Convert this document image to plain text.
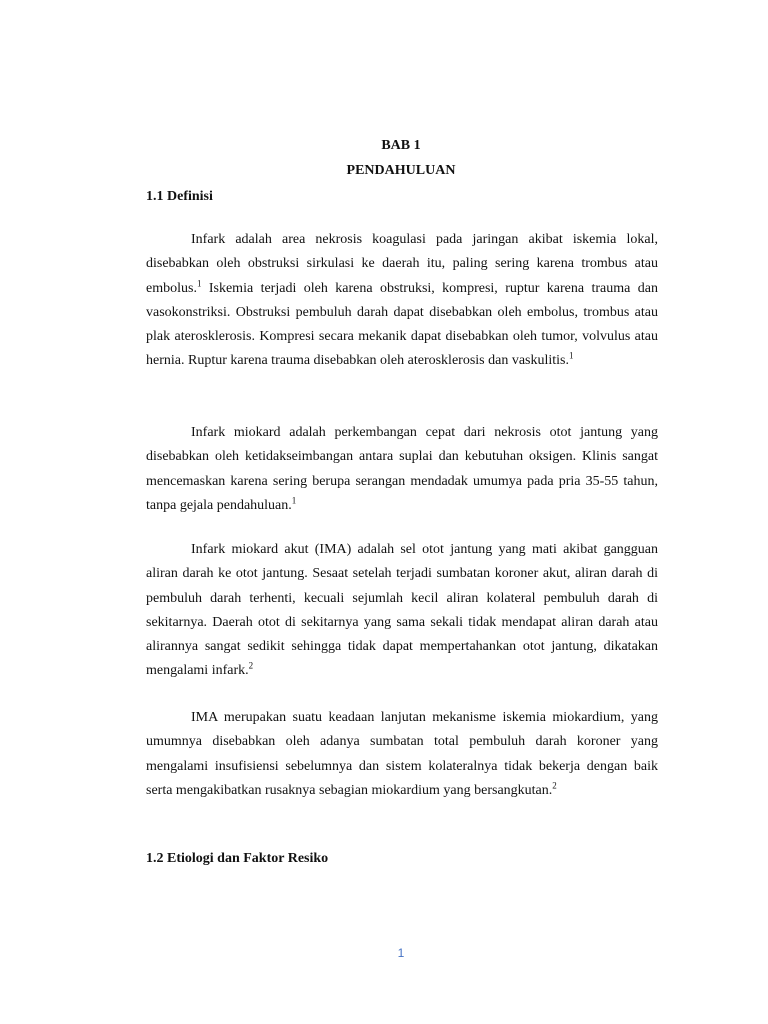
BAB 1
PENDAHULUAN
1.1 Definisi

Infark adalah area nekrosis koagulasi pada jaringan akibat iskemia lokal, disebabkan oleh obstruksi sirkulasi ke daerah itu, paling sering karena trombus atau embolus.$^1$ Iskemia terjadi oleh karena obstruksi, kompresi, ruptur karena trauma dan vasokonstriksi. Obstruksi pembuluh darah dapat disebabkan oleh embolus, trombus atau plak aterosklerosis. Kompresi secara mekanik dapat disebabkan oleh tumor, volvulus atau hernia. Ruptur karena trauma disebabkan oleh aterosklerosis dan vaskulitis.$^1$

Infark miokard adalah perkembangan cepat dari nekrosis otot jantung yang disebabkan oleh ketidakseimbangan antara suplai dan kebutuhan oksigen. Klinis sangat mencemaskan karena sering berupa serangan mendadak umumya pada pria 35-55 tahun, tanpa gejala pendahuluan.$^1$

Infark miokard akut (IMA) adalah sel otot jantung yang mati akibat gangguan aliran darah ke otot jantung. Sesaat setelah terjadi sumbatan koroner akut, aliran darah di pembuluh darah terhenti, kecuali sejumlah kecil aliran kolateral pembuluh darah di sekitarnya. Daerah otot di sekitarnya yang sama sekali tidak mendapat aliran darah atau alirannya sangat sedikit sehingga tidak dapat mempertahankan otot jantung, dikatakan mengalami infark.$^2$

IMA merupakan suatu keadaan lanjutan mekanisme iskemia miokardium, yang umumnya disebabkan oleh adanya sumbatan total pembuluh darah koroner yang mengalami insufisiensi sebelumnya dan sistem kolateralnya tidak bekerja dengan baik serta mengakibatkan rusaknya sebagian miokardium yang bersangkutan.$^2$

1.2 Etiologi dan Faktor Resiko
1
